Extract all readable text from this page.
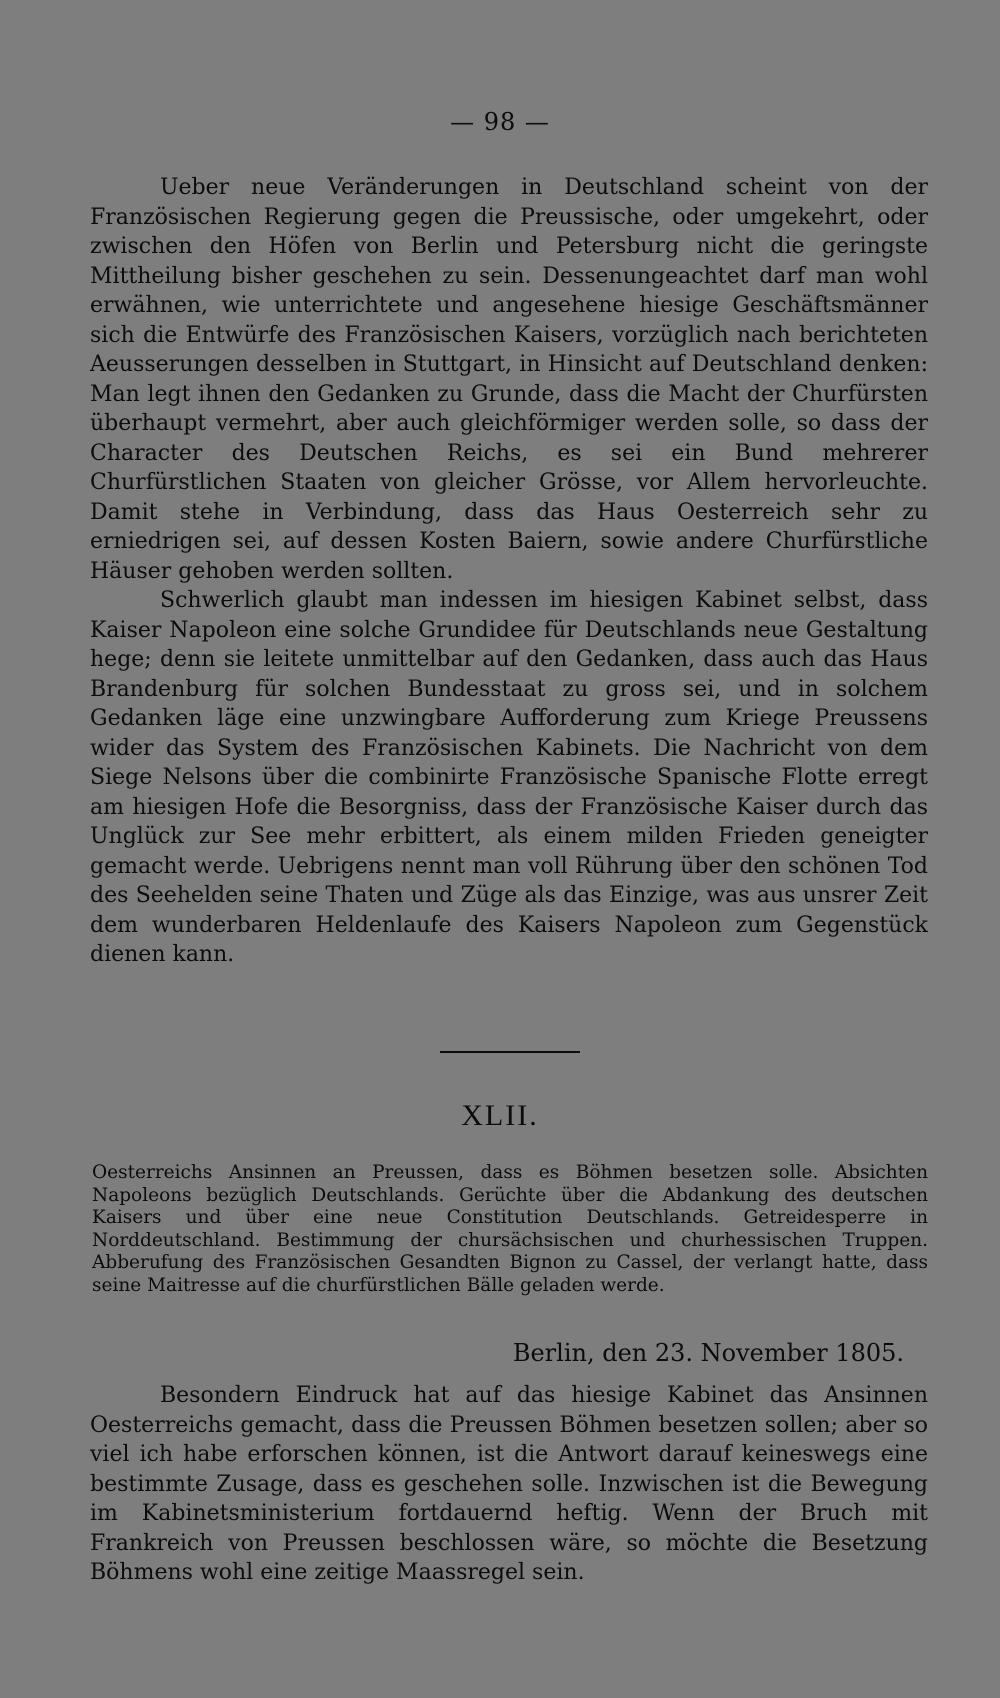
— 98 —

Ueber neue Veränderungen in Deutschland scheint von der Französischen Regierung gegen die Preussische, oder umgekehrt, oder zwischen den Höfen von Berlin und Petersburg nicht die geringste Mittheilung bisher geschehen zu sein. Dessenungeachtet darf man wohl erwähnen, wie unterrichtete und angesehene hiesige Geschäftsmänner sich die Entwürfe des Französischen Kaisers, vorzüglich nach berichteten Aeusserungen desselben in Stuttgart, in Hinsicht auf Deutschland denken: Man legt ihnen den Gedanken zu Grunde, dass die Macht der Churfürsten überhaupt vermehrt, aber auch gleichförmiger werden solle, so dass der Character des Deutschen Reichs, es sei ein Bund mehrerer Churfürstlichen Staaten von gleicher Grösse, vor Allem hervorleuchte. Damit stehe in Verbindung, dass das Haus Oesterreich sehr zu erniedrigen sei, auf dessen Kosten Baiern, sowie andere Churfürstliche Häuser gehoben werden sollten.

Schwerlich glaubt man indessen im hiesigen Kabinet selbst, dass Kaiser Napoleon eine solche Grundidee für Deutschlands neue Gestaltung hege; denn sie leitete unmittelbar auf den Gedanken, dass auch das Haus Brandenburg für solchen Bundesstaat zu gross sei, und in solchem Gedanken läge eine unzwingbare Aufforderung zum Kriege Preussens wider das System des Französischen Kabinets. Die Nachricht von dem Siege Nelsons über die combinirte Französische Spanische Flotte erregt am hiesigen Hofe die Besorgniss, dass der Französische Kaiser durch das Unglück zur See mehr erbittert, als einem milden Frieden geneigter gemacht werde. Uebrigens nennt man voll Rührung über den schönen Tod des Seehelden seine Thaten und Züge als das Einzige, was aus unsrer Zeit dem wunderbaren Heldenlaufe des Kaisers Napoleon zum Gegenstück dienen kann.

XLII.
Oesterreichs Ansinnen an Preussen, dass es Böhmen besetzen solle. Absichten Napoleons bezüglich Deutschlands. Gerüchte über die Abdankung des deutschen Kaisers und über eine neue Constitution Deutschlands. Getreidesperre in Norddeutschland. Bestimmung der chursächsischen und churhessischen Truppen. Abberufung des Französischen Gesandten Bignon zu Cassel, der verlangt hatte, dass seine Maitresse auf die churfürstlichen Bälle geladen werde.
Berlin, den 23. November 1805.

Besondern Eindruck hat auf das hiesige Kabinet das Ansinnen Oesterreichs gemacht, dass die Preussen Böhmen besetzen sollen; aber so viel ich habe erforschen können, ist die Antwort darauf keineswegs eine bestimmte Zusage, dass es geschehen solle. Inzwischen ist die Bewegung im Kabinetsministerium fortdauernd heftig. Wenn der Bruch mit Frankreich von Preussen beschlossen wäre, so möchte die Besetzung Böhmens wohl eine zeitige Maassregel sein.
